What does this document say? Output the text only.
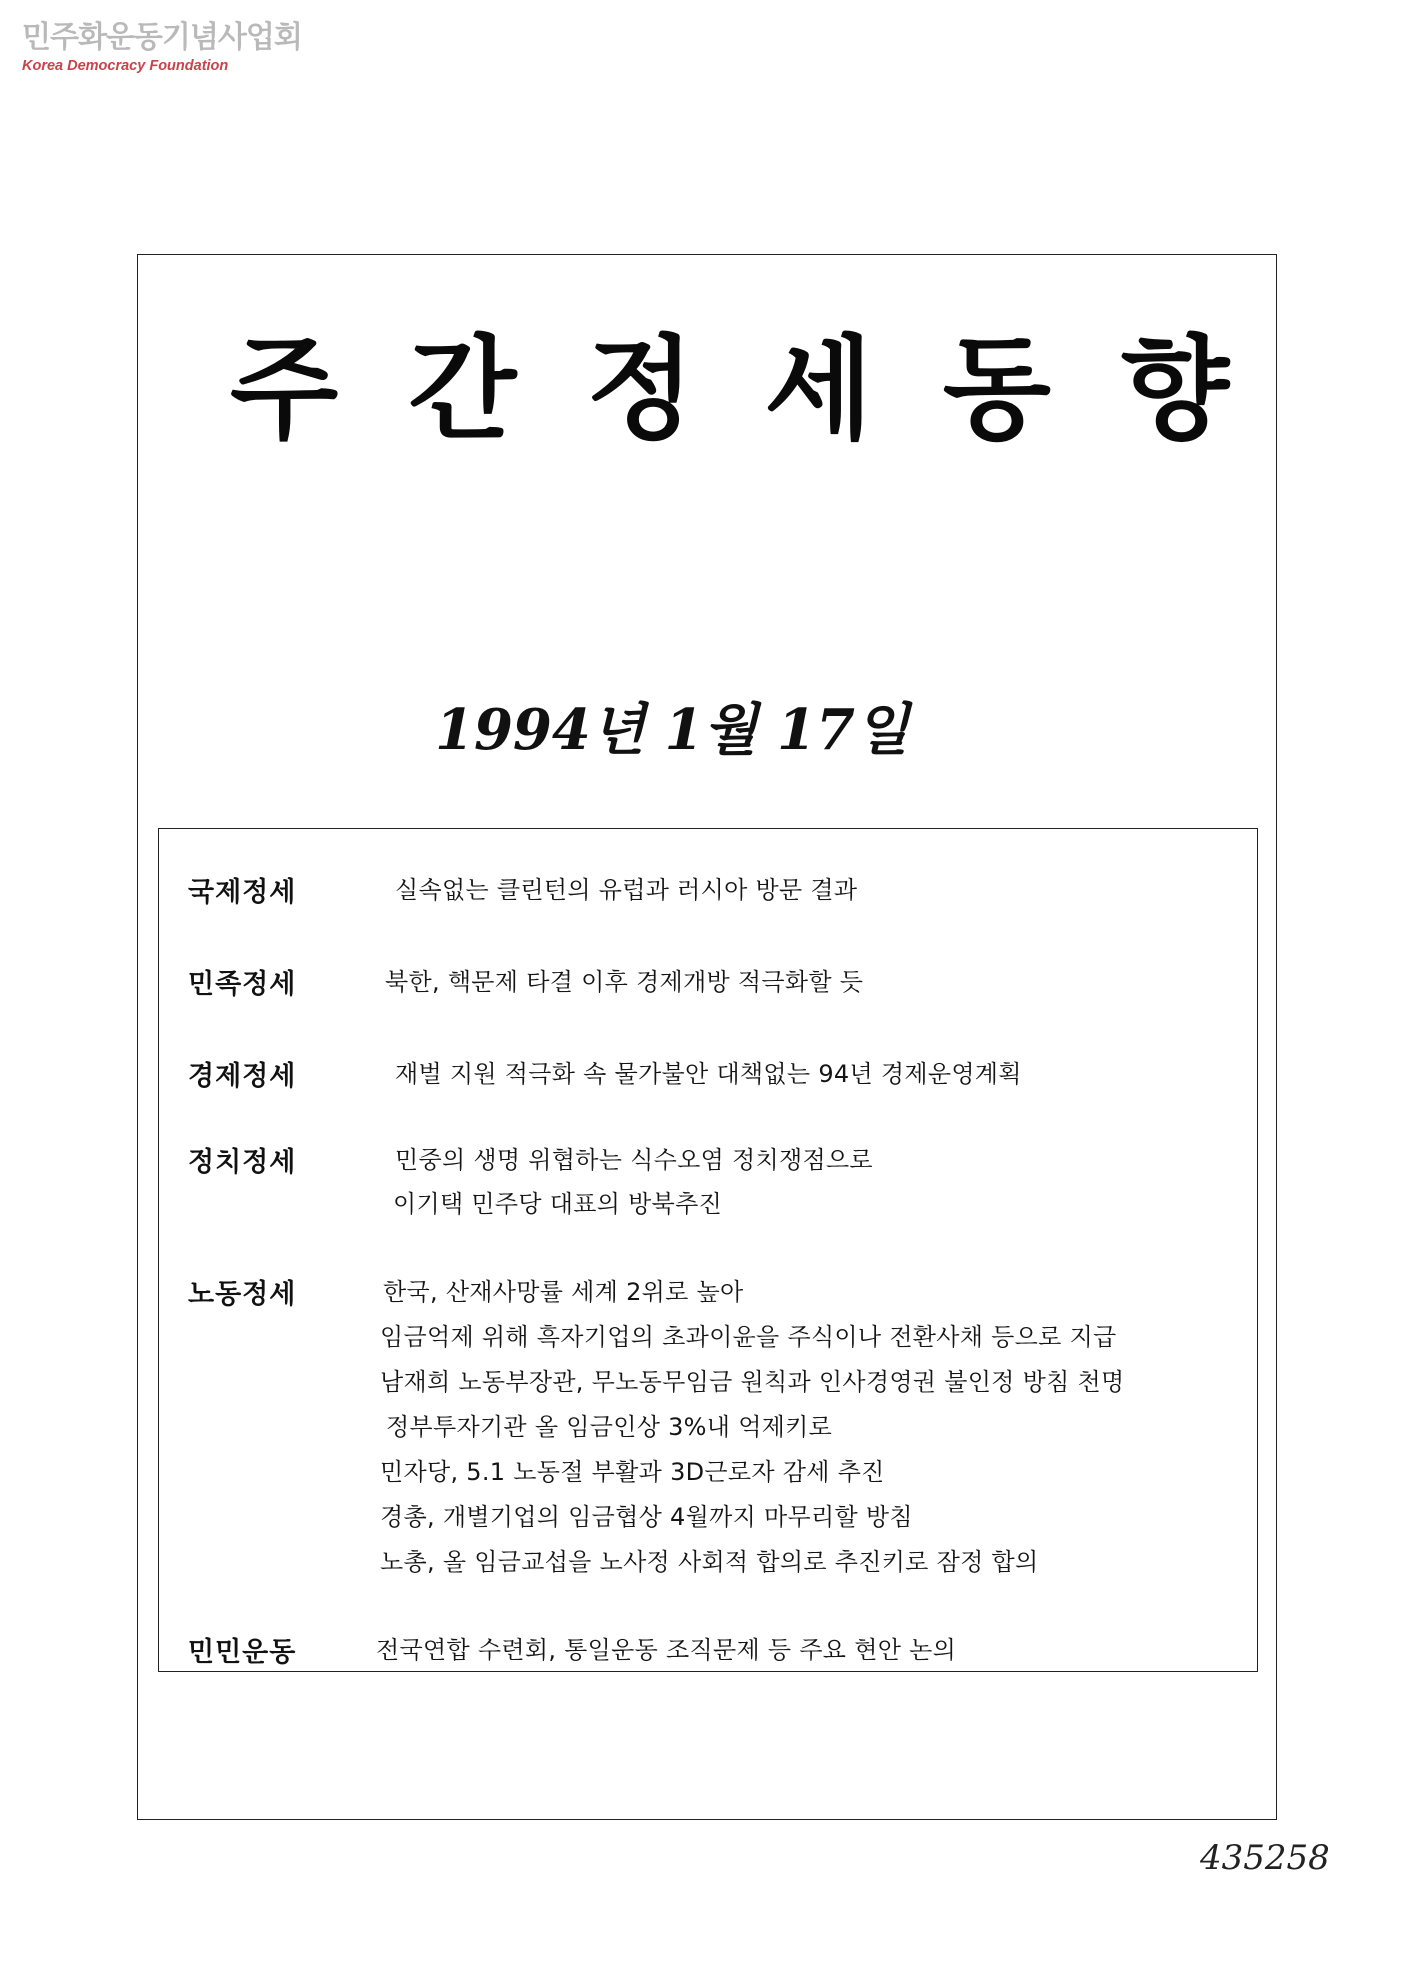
민주화운동기념사업회
Korea Democracy Foundation
주간정세동향
1994년 1월 17일
국제정세	실속없는 클린턴의 유럽과 러시아 방문 결과
민족정세	북한, 핵문제 타결 이후 경제개방 적극화할 듯
경제정세	재벌 지원 적극화 속 물가불안 대책없는 94년 경제운영계획
정치정세	민중의 생명 위협하는 식수오염 정치쟁점으로
이기택 민주당 대표의 방북추진
노동정세	한국, 산재사망률 세계 2위로 높아
임금억제 위해 흑자기업의 초과이윤을 주식이나 전환사채 등으로 지급
남재희 노동부장관, 무노동무임금 원칙과 인사경영권 불인정 방침 천명
정부투자기관 올 임금인상 3%내 억제키로
민자당, 5.1 노동절 부활과 3D근로자 감세 추진
경총, 개별기업의 임금협상 4월까지 마무리할 방침
노총, 올 임금교섭을 노사정 사회적 합의로 추진키로 잠정 합의
민민운동	전국연합 수련회, 통일운동 조직문제 등 주요 현안 논의
435258
